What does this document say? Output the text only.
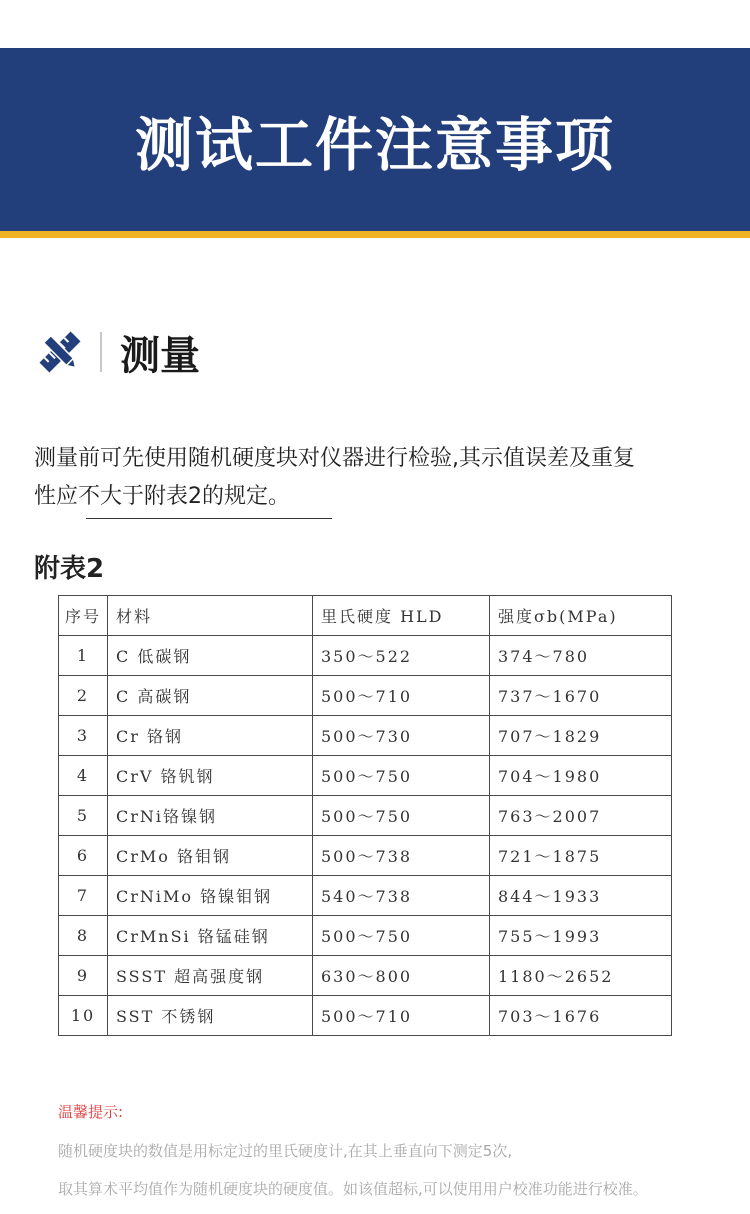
测试工件注意事项
测量
测量前可先使用随机硬度块对仪器进行检验,其示值误差及重复
性应不大于附表2的规定。
附表2
序号	材料	里氏硬度 HLD	强度σb(MPa)
1	C 低碳钢	350～522	374～780
2	C 高碳钢	500～710	737～1670
3	Cr 铬钢	500～730	707～1829
4	CrV 铬钒钢	500～750	704～1980
5	CrNi铬镍钢	500～750	763～2007
6	CrMo 铬钼钢	500～738	721～1875
7	CrNiMo 铬镍钼钢	540～738	844～1933
8	CrMnSi 铬锰硅钢	500～750	755～1993
9	SSST 超高强度钢	630～800	1180～2652
10	SST 不锈钢	500～710	703～1676
温馨提示:
随机硬度块的数值是用标定过的里氏硬度计,在其上垂直向下测定5次,
取其算术平均值作为随机硬度块的硬度值。如该值超标,可以使用用户校准功能进行校准。
